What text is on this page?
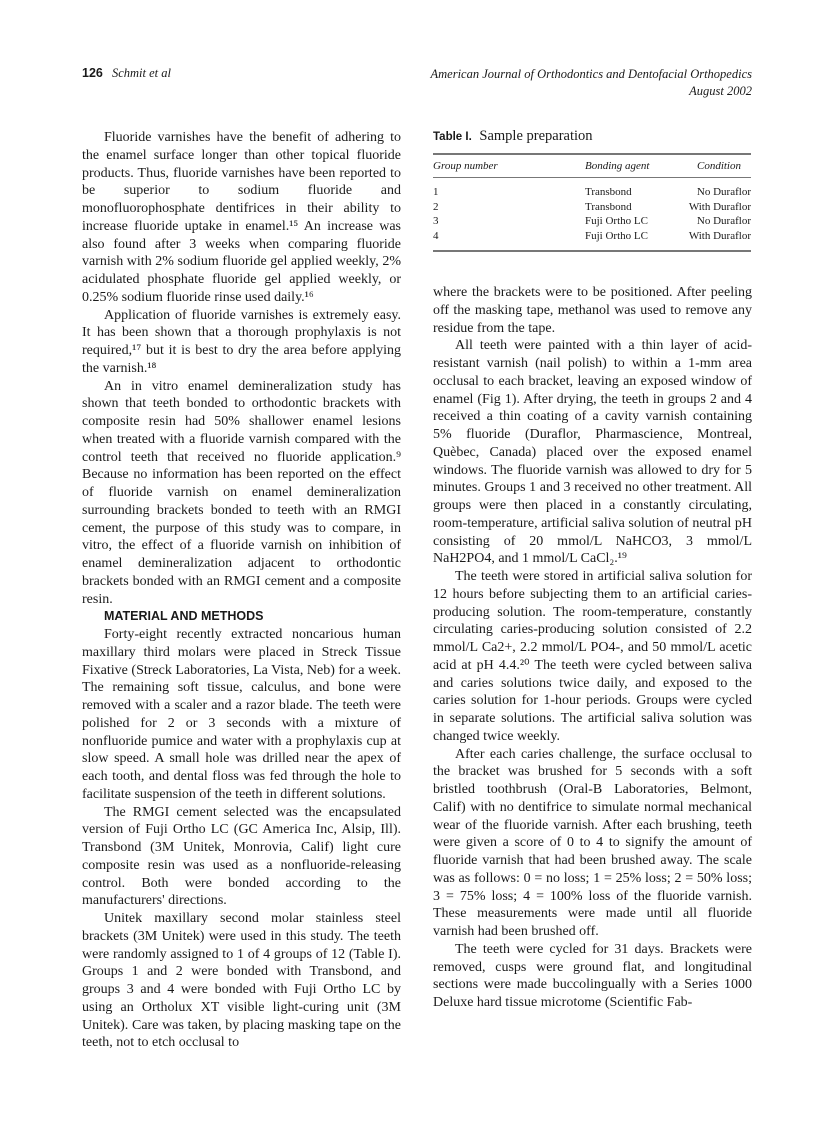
126 Schmit et al	American Journal of Orthodontics and Dentofacial Orthopedics
August 2002

Fluoride varnishes have the benefit of adhering to the enamel surface longer than other topical fluoride products. Thus, fluoride varnishes have been reported to be superior to sodium fluoride and monofluorophosphate dentifrices in their ability to increase fluoride uptake in enamel.¹⁵ An increase was also found after 3 weeks when comparing fluoride varnish with 2% sodium fluoride gel applied weekly, 2% acidulated phosphate fluoride gel applied weekly, or 0.25% sodium fluoride rinse used daily.¹⁶

Application of fluoride varnishes is extremely easy. It has been shown that a thorough prophylaxis is not required,¹⁷ but it is best to dry the area before applying the varnish.¹⁸

An in vitro enamel demineralization study has shown that teeth bonded to orthodontic brackets with composite resin had 50% shallower enamel lesions when treated with a fluoride varnish compared with the control teeth that received no fluoride application.⁹ Because no information has been reported on the effect of fluoride varnish on enamel demineralization surrounding brackets bonded to teeth with an RMGI cement, the purpose of this study was to compare, in vitro, the effect of a fluoride varnish on inhibition of enamel demineralization adjacent to orthodontic brackets bonded with an RMGI cement and a composite resin.

MATERIAL AND METHODS

Forty-eight recently extracted noncarious human maxillary third molars were placed in Streck Tissue Fixative (Streck Laboratories, La Vista, Neb) for a week. The remaining soft tissue, calculus, and bone were removed with a scaler and a razor blade. The teeth were polished for 2 or 3 seconds with a mixture of nonfluoride pumice and water with a prophylaxis cup at slow speed. A small hole was drilled near the apex of each tooth, and dental floss was fed through the hole to facilitate suspension of the teeth in different solutions.

The RMGI cement selected was the encapsulated version of Fuji Ortho LC (GC America Inc, Alsip, Ill). Transbond (3M Unitek, Monrovia, Calif) light cure composite resin was used as a nonfluoride-releasing control. Both were bonded according to the manufacturers' directions.

Unitek maxillary second molar stainless steel brackets (3M Unitek) were used in this study. The teeth were randomly assigned to 1 of 4 groups of 12 (Table I). Groups 1 and 2 were bonded with Transbond, and groups 3 and 4 were bonded with Fuji Ortho LC by using an Ortholux XT visible light-curing unit (3M Unitek). Care was taken, by placing masking tape on the teeth, not to etch occlusal to

Table I. Sample preparation
Group number	Bonding agent	Condition
1	Transbond	No Duraflor
2	Transbond	With Duraflor
3	Fuji Ortho LC	No Duraflor
4	Fuji Ortho LC	With Duraflor

where the brackets were to be positioned. After peeling off the masking tape, methanol was used to remove any residue from the tape.

All teeth were painted with a thin layer of acid-resistant varnish (nail polish) to within a 1-mm area occlusal to each bracket, leaving an exposed window of enamel (Fig 1). After drying, the teeth in groups 2 and 4 received a thin coating of a cavity varnish containing 5% fluoride (Duraflor, Pharmascience, Montreal, Quèbec, Canada) placed over the exposed enamel windows. The fluoride varnish was allowed to dry for 5 minutes. Groups 1 and 3 received no other treatment. All groups were then placed in a constantly circulating, room-temperature, artificial saliva solution of neutral pH consisting of 20 mmol/L NaHCO3, 3 mmol/L NaH2PO4, and 1 mmol/L CaCl₂.¹⁹

The teeth were stored in artificial saliva solution for 12 hours before subjecting them to an artificial caries-producing solution. The room-temperature, constantly circulating caries-producing solution consisted of 2.2 mmol/L Ca2+, 2.2 mmol/L PO4-, and 50 mmol/L acetic acid at pH 4.4.²⁰ The teeth were cycled between saliva and caries solutions twice daily, and exposed to the caries solution for 1-hour periods. Groups were cycled in separate solutions. The artificial saliva solution was changed twice weekly.

After each caries challenge, the surface occlusal to the bracket was brushed for 5 seconds with a soft bristled toothbrush (Oral-B Laboratories, Belmont, Calif) with no dentifrice to simulate normal mechanical wear of the fluoride varnish. After each brushing, teeth were given a score of 0 to 4 to signify the amount of fluoride varnish that had been brushed away. The scale was as follows: 0 = no loss; 1 = 25% loss; 2 = 50% loss; 3 = 75% loss; 4 = 100% loss of the fluoride varnish. These measurements were made until all fluoride varnish had been brushed off.

The teeth were cycled for 31 days. Brackets were removed, cusps were ground flat, and longitudinal sections were made buccolingually with a Series 1000 Deluxe hard tissue microtome (Scientific Fab-
